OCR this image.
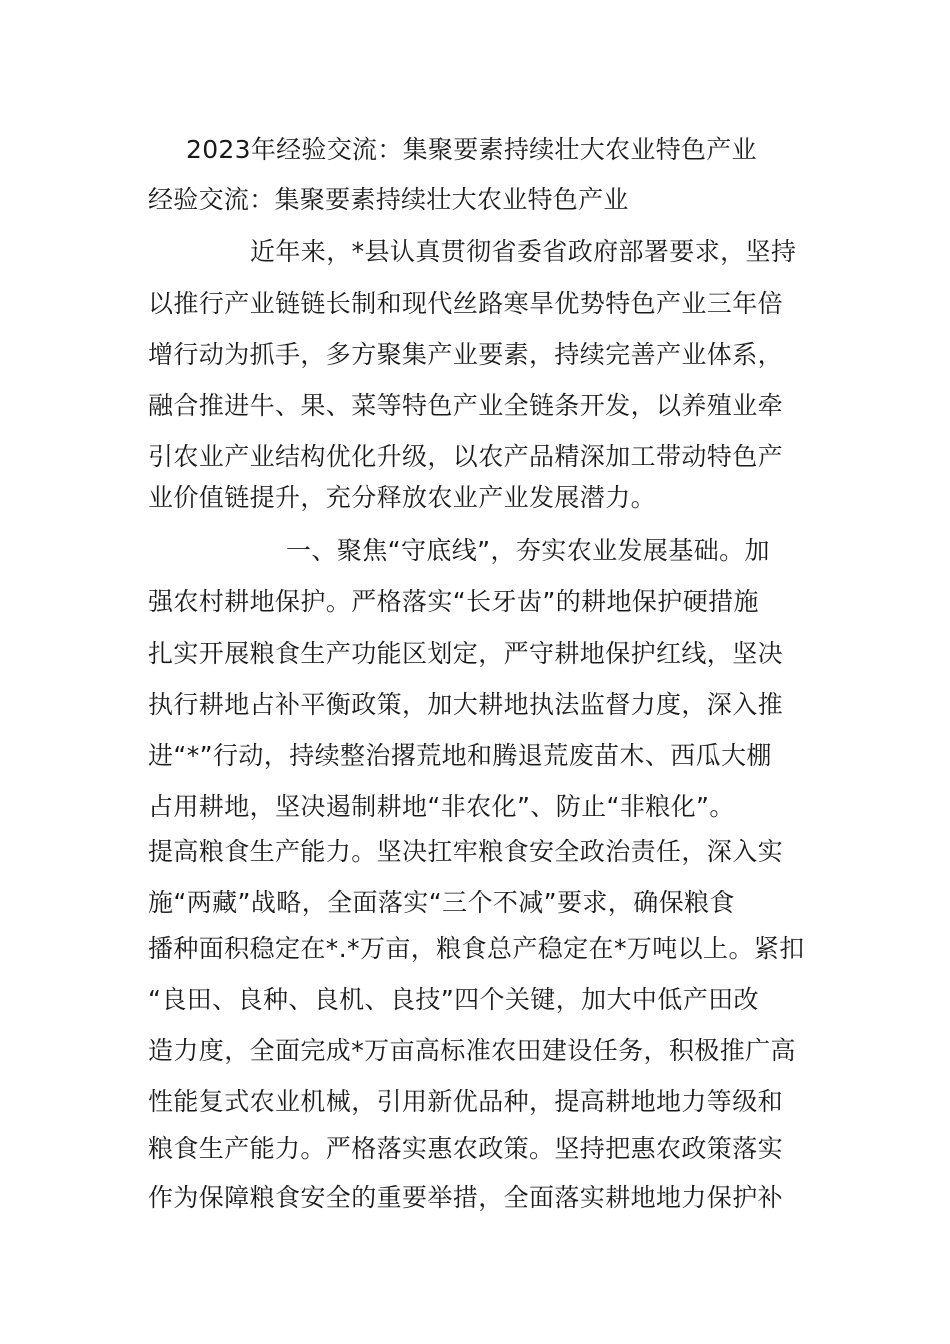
2023年经验交流：集聚要素持续壮大农业特色产业
经验交流：集聚要素持续壮大农业特色产业
近年来，*县认真贯彻省委省政府部署要求，坚持
以推行产业链链长制和现代丝路寒旱优势特色产业三年倍
增行动为抓手，多方聚集产业要素，持续完善产业体系，
融合推进牛、果、菜等特色产业全链条开发，以养殖业牵
引农业产业结构优化升级，以农产品精深加工带动特色产
业价值链提升，充分释放农业产业发展潜力。
一、聚焦“守底线”，夯实农业发展基础。加
强农村耕地保护。严格落实“长牙齿”的耕地保护硬措施
扎实开展粮食生产功能区划定，严守耕地保护红线，坚决
执行耕地占补平衡政策，加大耕地执法监督力度，深入推
进“*”行动，持续整治撂荒地和腾退荒废苗木、西瓜大棚
占用耕地，坚决遏制耕地“非农化”、防止“非粮化”。
提高粮食生产能力。坚决扛牢粮食安全政治责任，深入实
施“两藏”战略，全面落实“三个不减”要求，确保粮食
播种面积稳定在*.*万亩，粮食总产稳定在*万吨以上。紧扣
“良田、良种、良机、良技”四个关键，加大中低产田改
造力度，全面完成*万亩高标准农田建设任务，积极推广高
性能复式农业机械，引用新优品种，提高耕地地力等级和
粮食生产能力。严格落实惠农政策。坚持把惠农政策落实
作为保障粮食安全的重要举措，全面落实耕地地力保护补
